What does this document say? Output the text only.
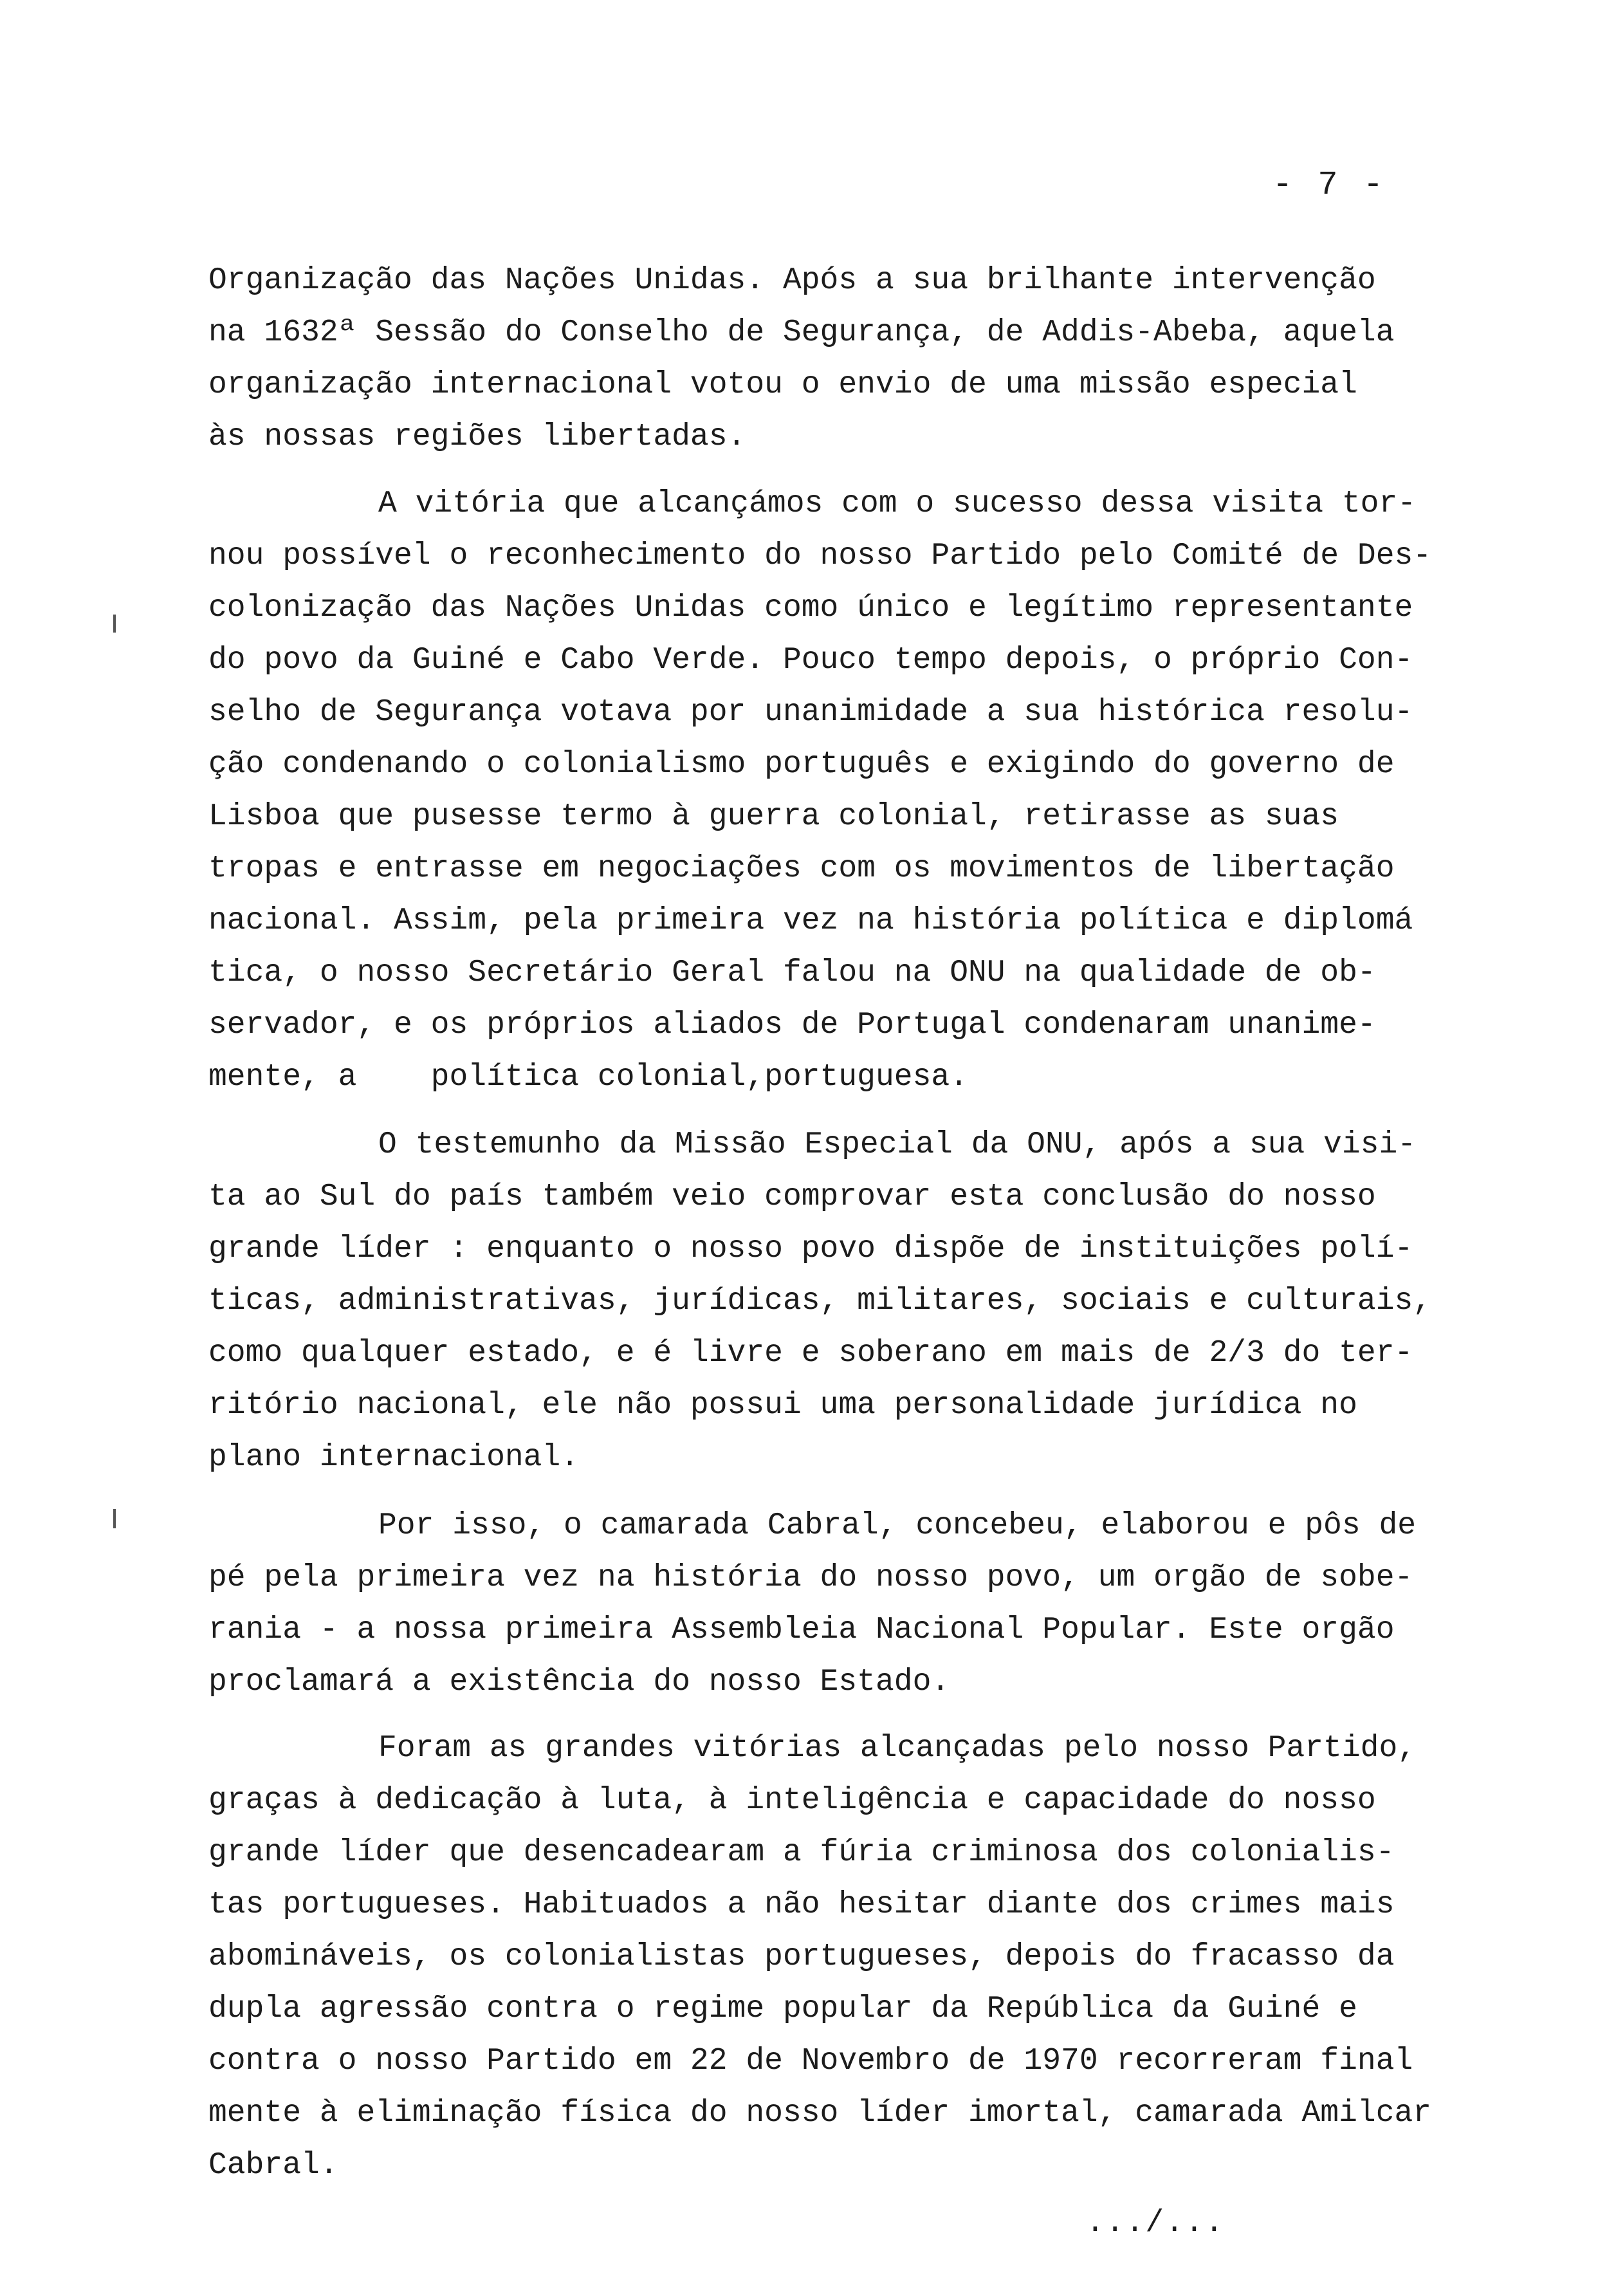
- 7 -
Organização das Nações Unidas. Após a sua brilhante intervenção
na 1632ª Sessão do Conselho de Segurança, de Addis-Abeba, aquela
organização internacional votou o envio de uma missão especial
às nossas regiões libertadas.
A vitória que alcançámos com o sucesso dessa visita tor-
nou possível o reconhecimento do nosso Partido pelo Comité de Des-
colonização das Nações Unidas como único e legítimo representante
do povo da Guiné e Cabo Verde. Pouco tempo depois, o próprio Con-
selho de Segurança votava por unanimidade a sua histórica resolu-
ção condenando o colonialismo português e exigindo do governo de
Lisboa que pusesse termo à guerra colonial, retirasse as suas
tropas e entrasse em negociações com os movimentos de libertação
nacional. Assim, pela primeira vez na história política e diplomá
tica, o nosso Secretário Geral falou na ONU na qualidade de ob-
servador, e os próprios aliados de Portugal condenaram unanime-
mente, a    política colonial,portuguesa.
O testemunho da Missão Especial da ONU, após a sua visi-
ta ao Sul do país também veio comprovar esta conclusão do nosso
grande líder : enquanto o nosso povo dispõe de instituições polí-
ticas, administrativas, jurídicas, militares, sociais e culturais,
como qualquer estado, e é livre e soberano em mais de 2/3 do ter-
ritório nacional, ele não possui uma personalidade jurídica no
plano internacional.
Por isso, o camarada Cabral, concebeu, elaborou e pôs de
pé pela primeira vez na história do nosso povo, um orgão de sobe-
rania - a nossa primeira Assembleia Nacional Popular. Este orgão
proclamará a existência do nosso Estado.
Foram as grandes vitórias alcançadas pelo nosso Partido,
graças à dedicação à luta, à inteligência e capacidade do nosso
grande líder que desencadearam a fúria criminosa dos colonialis-
tas portugueses. Habituados a não hesitar diante dos crimes mais
abomináveis, os colonialistas portugueses, depois do fracasso da
dupla agressão contra o regime popular da República da Guiné e
contra o nosso Partido em 22 de Novembro de 1970 recorreram final
mente à eliminação física do nosso líder imortal, camarada Amilcar
Cabral.
.../...
